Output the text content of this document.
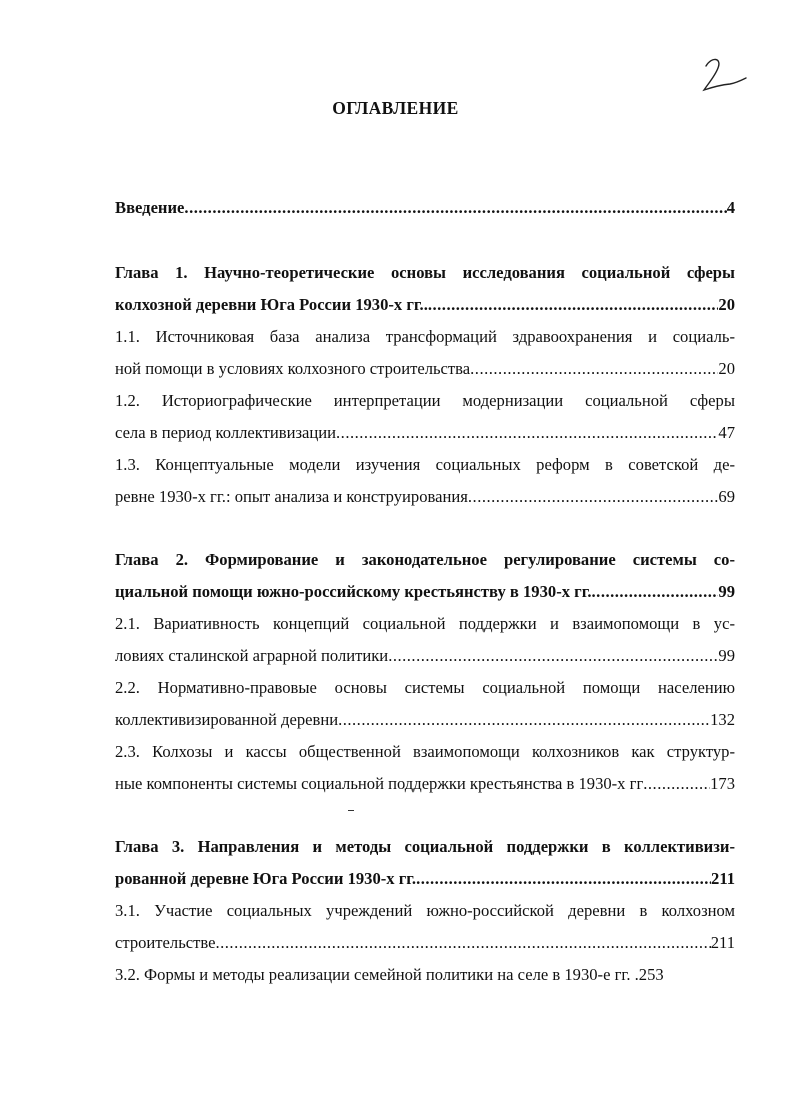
ОГЛАВЛЕНИЕ
Введение .....	4
Глава 1. Научно-теоретические основы исследования социальной сферы
колхозной деревни Юга России 1930-х гг.. .....	20
1.1. Источниковая база анализа трансформаций здравоохранения и социаль-
ной помощи в условиях колхозного строительства .....	20
1.2. Историографические интерпретации модернизации социальной сферы
села в период коллективизации .....	47
1.3. Концептуальные модели изучения социальных реформ в советской де-
ревне 1930-х гг.: опыт анализа и конструирования .....	69
Глава 2. Формирование и законодательное регулирование системы со-
циальной помощи южно-российскому крестьянству в 1930-х гг. .....	99
2.1. Вариативность концепций социальной поддержки и взаимопомощи в ус-
ловиях сталинской аграрной политики .....	99
2.2. Нормативно-правовые основы системы социальной помощи населению
коллективизированной деревни .....	132
2.3. Колхозы и кассы общественной взаимопомощи колхозников как структур-
ные компоненты системы социальной поддержки крестьянства в 1930-х гг .....	173
Глава 3. Направления и методы социальной поддержки в коллективизи-
рованной деревне Юга России 1930-х гг. .....	211
3.1. Участие социальных учреждений южно-российской деревни в колхозном
строительстве .....	211
3.2. Формы и методы реализации семейной политики на селе в 1930-е гг. . 253
